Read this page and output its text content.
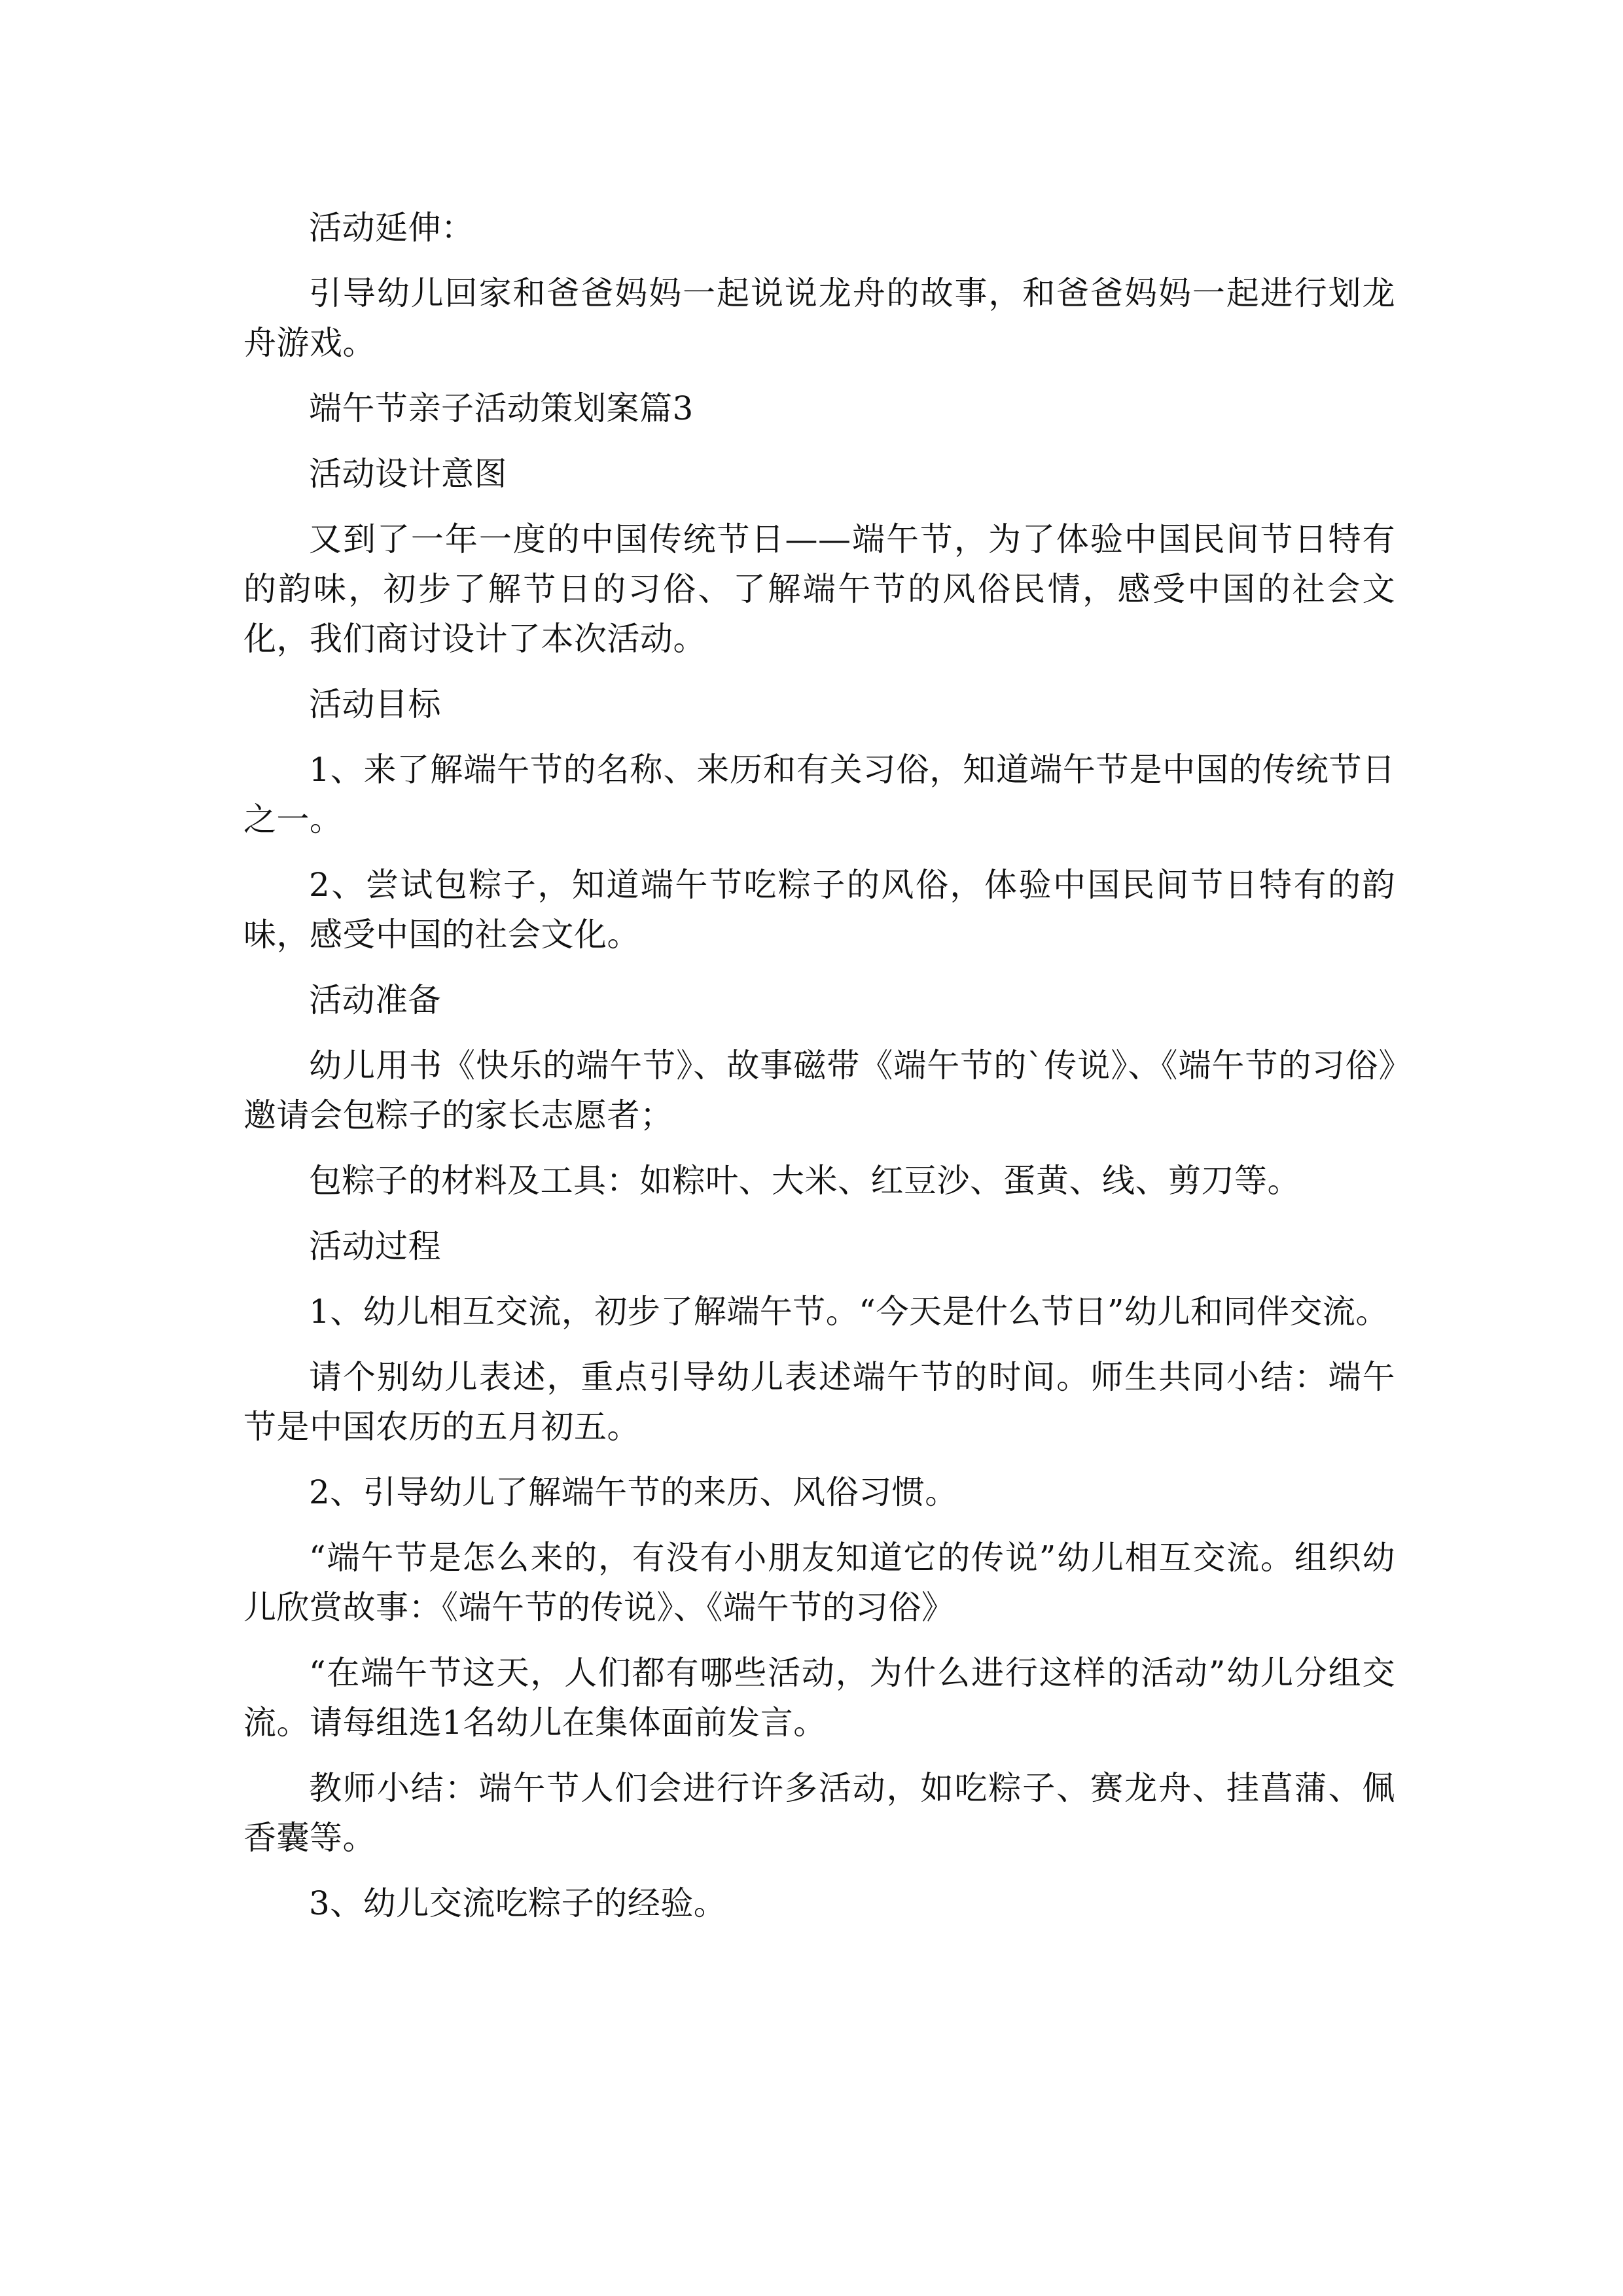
活动延伸：

引导幼儿回家和爸爸妈妈一起说说龙舟的故事，和爸爸妈妈一起进行划龙舟游戏。

端午节亲子活动策划案篇3

活动设计意图

又到了一年一度的中国传统节日——端午节，为了体验中国民间节日特有的韵味，初步了解节日的习俗、了解端午节的风俗民情，感受中国的社会文化，我们商讨设计了本次活动。

活动目标

1、来了解端午节的名称、来历和有关习俗，知道端午节是中国的传统节日之一。

2、尝试包粽子，知道端午节吃粽子的风俗，体验中国民间节日特有的韵味，感受中国的社会文化。

活动准备

幼儿用书《快乐的端午节》、故事磁带《端午节的`传说》、《端午节的习俗》邀请会包粽子的家长志愿者；

包粽子的材料及工具：如粽叶、大米、红豆沙、蛋黄、线、剪刀等。

活动过程

1、幼儿相互交流，初步了解端午节。“今天是什么节日”幼儿和同伴交流。

请个别幼儿表述，重点引导幼儿表述端午节的时间。师生共同小结：端午节是中国农历的五月初五。

2、引导幼儿了解端午节的来历、风俗习惯。

“端午节是怎么来的，有没有小朋友知道它的传说”幼儿相互交流。组织幼儿欣赏故事：《端午节的传说》、《端午节的习俗》

“在端午节这天，人们都有哪些活动，为什么进行这样的活动”幼儿分组交流。请每组选1名幼儿在集体面前发言。

教师小结：端午节人们会进行许多活动，如吃粽子、赛龙舟、挂菖蒲、佩香囊等。

3、幼儿交流吃粽子的经验。
